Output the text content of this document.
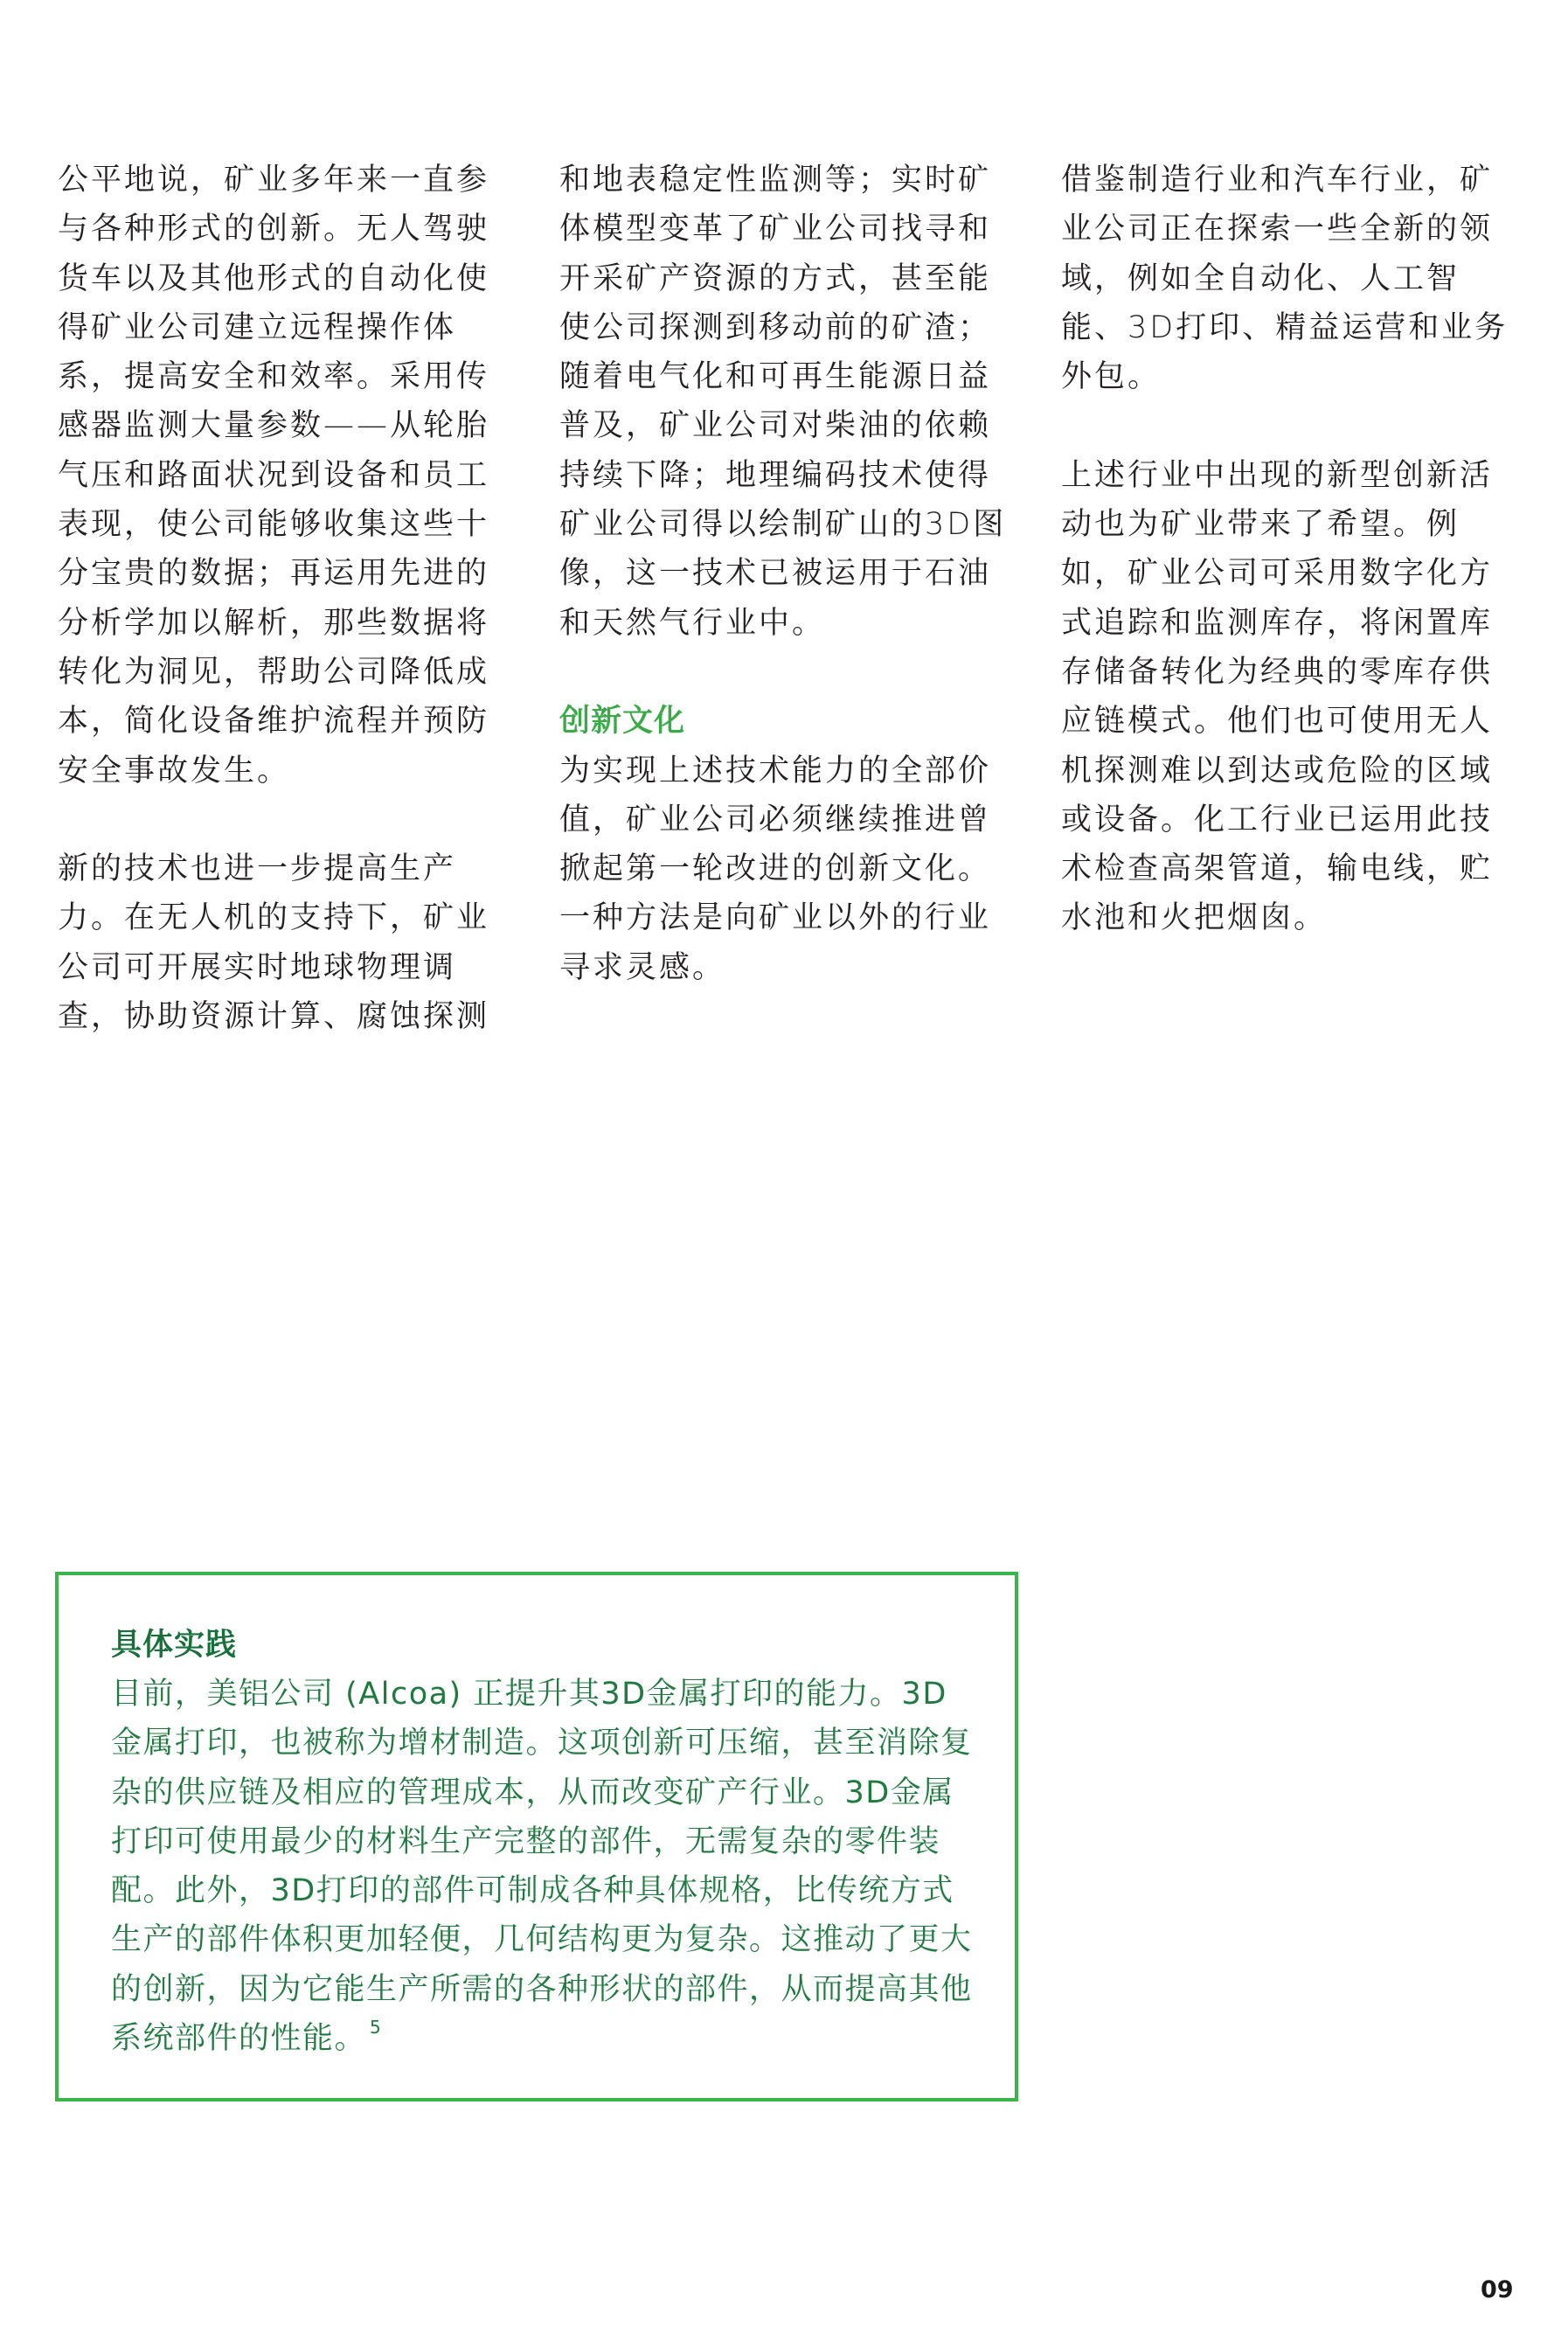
公平地说，矿业多年来一直参与各种形式的创新。无人驾驶货车以及其他形式的自动化使得矿业公司建立远程操作体系，提高安全和效率。采用传感器监测大量参数——从轮胎气压和路面状况到设备和员工表现，使公司能够收集这些十分宝贵的数据；再运用先进的分析学加以解析，那些数据将转化为洞见，帮助公司降低成本，简化设备维护流程并预防安全事故发生。

新的技术也进一步提高生产力。在无人机的支持下，矿业公司可开展实时地球物理调查，协助资源计算、腐蚀探测

和地表稳定性监测等；实时矿体模型变革了矿业公司找寻和开采矿产资源的方式，甚至能使公司探测到移动前的矿渣；随着电气化和可再生能源日益普及，矿业公司对柴油的依赖持续下降；地理编码技术使得矿业公司得以绘制矿山的3D图像，这一技术已被运用于石油和天然气行业中。

创新文化

为实现上述技术能力的全部价值，矿业公司必须继续推进曾掀起第一轮改进的创新文化。一种方法是向矿业以外的行业寻求灵感。

借鉴制造行业和汽车行业，矿业公司正在探索一些全新的领域，例如全自动化、人工智能、3D打印、精益运营和业务外包。

上述行业中出现的新型创新活动也为矿业带来了希望。例如，矿业公司可采用数字化方式追踪和监测库存，将闲置库存储备转化为经典的零库存供应链模式。他们也可使用无人机探测难以到达或危险的区域或设备。化工行业已运用此技术检查高架管道，输电线，贮水池和火把烟囱。

具体实践

目前，美铝公司 (Alcoa) 正提升其3D金属打印的能力。3D金属打印，也被称为增材制造。这项创新可压缩，甚至消除复杂的供应链及相应的管理成本，从而改变矿产行业。3D金属打印可使用最少的材料生产完整的部件，无需复杂的零件装配。此外，3D打印的部件可制成各种具体规格，比传统方式生产的部件体积更加轻便，几何结构更为复杂。这推动了更大的创新，因为它能生产所需的各种形状的部件，从而提高其他系统部件的性能。 $^5$

09
